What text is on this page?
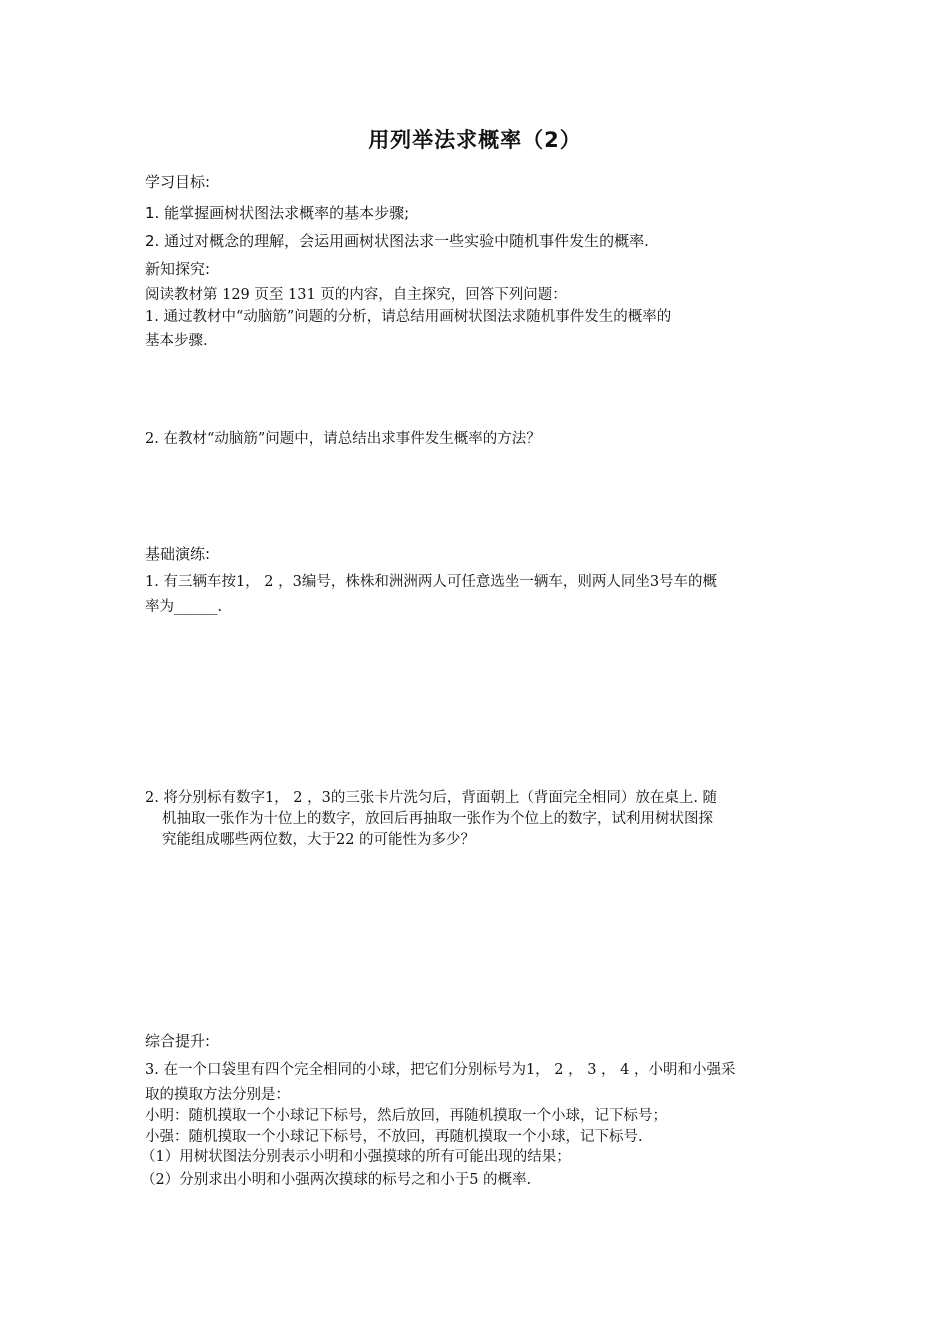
用列举法求概率（2）
学习目标:
1. 能掌握画树状图法求概率的基本步骤;
2. 通过对概念的理解，会运用画树状图法求一些实验中随机事件发生的概率.
新知探究:
阅读教材第 129 页至 131 页的内容，自主探究，回答下列问题：
1. 通过教材中“动脑筋”问题的分析，请总结用画树状图法求随机事件发生的概率的
基本步骤.
2. 在教材“动脑筋”问题中，请总结出求事件发生概率的方法？
基础演练:
1. 有三辆车按1， 2 ，3编号，株株和洲洲两人可任意选坐一辆车，则两人同坐3号车的概
率为______.
2. 将分别标有数字1， 2 ，3的三张卡片洗匀后，背面朝上（背面完全相同）放在桌上. 随
机抽取一张作为十位上的数字，放回后再抽取一张作为个位上的数字，试利用树状图探
究能组成哪些两位数，大于22 的可能性为多少？
综合提升:
3. 在一个口袋里有四个完全相同的小球，把它们分别标号为1， 2 ， 3 ， 4 ，小明和小强采
取的摸取方法分别是：
小明：随机摸取一个小球记下标号，然后放回，再随机摸取一个小球，记下标号；
小强：随机摸取一个小球记下标号，不放回，再随机摸取一个小球，记下标号.
（1）用树状图法分别表示小明和小强摸球的所有可能出现的结果；
（2）分别求出小明和小强两次摸球的标号之和小于5 的概率.
